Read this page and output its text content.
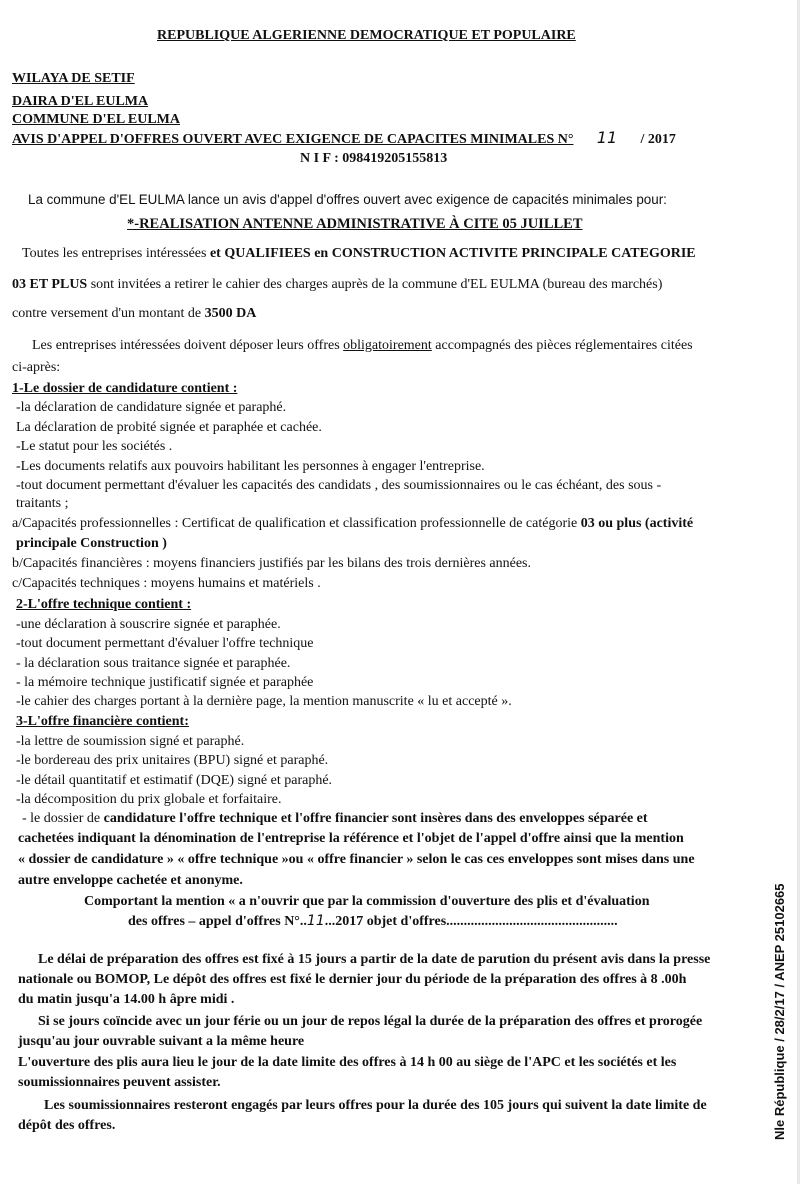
REPUBLIQUE ALGERIENNE DEMOCRATIQUE ET POPULAIRE
WILAYA DE SETIF
DAIRA D'EL EULMA
COMMUNE D'EL EULMA
AVIS D'APPEL D'OFFRES OUVERT AVEC EXIGENCE DE CAPACITES MINIMALES N° 11 / 2017
N I F : 098419205155813
La commune d'EL EULMA lance un avis d'appel d'offres ouvert avec exigence de capacités minimales pour:
*-REALISATION ANTENNE ADMINISTRATIVE À CITE 05 JUILLET
Toutes les entreprises intéressées et QUALIFIEES en CONSTRUCTION ACTIVITE PRINCIPALE CATEGORIE
03 ET PLUS sont invitées a retirer le cahier des charges auprès de la commune d'EL EULMA (bureau des marchés)
contre versement d'un montant de 3500 DA
Les entreprises intéressées doivent déposer leurs offres obligatoirement accompagnés des pièces réglementaires citées
ci-après:
1-Le dossier de candidature contient :
-la déclaration de candidature signée et paraphé.
La déclaration de probité signée et paraphée et cachée.
-Le statut pour les sociétés .
-Les documents relatifs aux pouvoirs habilitant les personnes à engager l'entreprise.
-tout document permettant d'évaluer les capacités des candidats , des soumissionnaires ou le cas échéant, des sous -
traitants ;
a/Capacités professionnelles : Certificat de qualification et classification professionnelle de catégorie 03 ou plus (activité
principale Construction )
b/Capacités financières : moyens financiers justifiés par les bilans des trois dernières années.
c/Capacités techniques : moyens humains et matériels .
2-L'offre technique contient :
-une déclaration à souscrire signée et paraphée.
-tout document permettant d'évaluer l'offre technique
- la déclaration sous traitance signée et paraphée.
- la mémoire technique justificatif signée et paraphée
-le cahier des charges portant à la dernière page, la mention manuscrite « lu et accepté ».
3-L'offre financière contient:
-la lettre de soumission signé et paraphé.
-le bordereau des prix unitaires (BPU) signé et paraphé.
-le détail quantitatif et estimatif (DQE) signé et paraphé.
-la décomposition du prix globale et forfaitaire.
- le dossier de candidature l'offre technique et l'offre financier sont insères dans des enveloppes séparée et
cachetées indiquant la dénomination de l'entreprise la référence et l'objet de l'appel d'offre ainsi que la mention
« dossier de candidature » « offre technique »ou « offre financier » selon le cas ces enveloppes sont mises dans une
autre enveloppe cachetée et anonyme.
Comportant la mention « a n'ouvrir que par la commission d'ouverture des plis et d'évaluation
des offres – appel d'offres N°..11...2017 objet d'offres.................................................
Le délai de préparation des offres est fixé à 15 jours a partir de la date de parution du présent avis dans la presse
nationale ou BOMOP, Le dépôt des offres est fixé le dernier jour du période de la préparation des offres à 8 .00h
du matin jusqu'a 14.00 h âpre midi .
Si se jours coïncide avec un jour férie ou un jour de repos légal la durée de la préparation des offres et prorogée
jusqu'au jour ouvrable suivant a la même heure
L'ouverture des plis aura lieu le jour de la date limite des offres à 14 h 00 au siège de l'APC et les sociétés et les
soumissionnaires peuvent assister.
Les soumissionnaires resteront engagés par leurs offres pour la durée des 105 jours qui suivent la date limite de
dépôt des offres.	Nle République / 28/2/17 / ANEP 25102665
